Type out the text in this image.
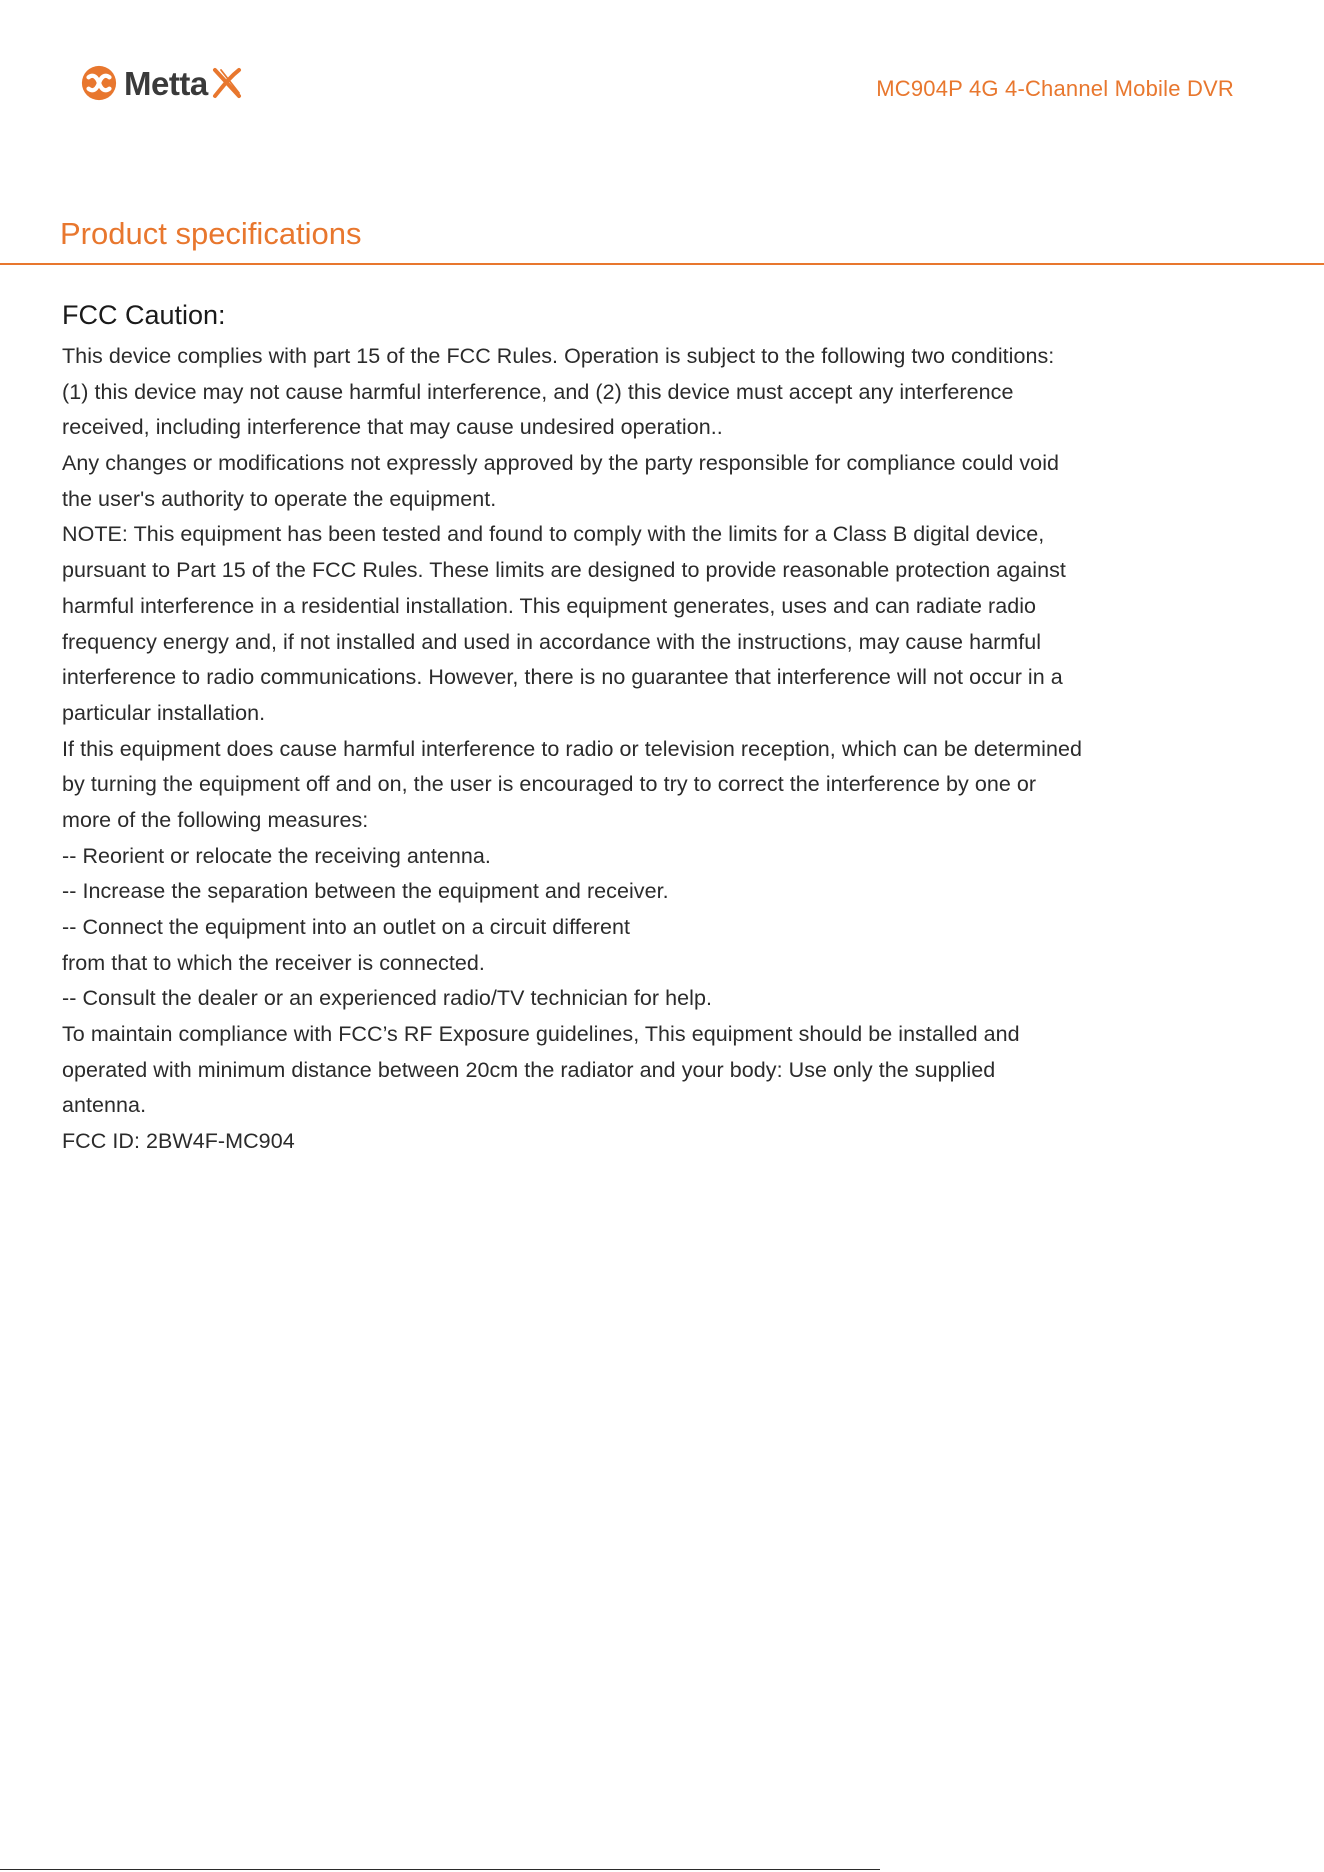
Metta	MC904P 4G 4-Channel Mobile DVR
Product specifications
FCC Caution:
This device complies with part 15 of the FCC Rules. Operation is subject to the following two conditions:
(1) this device may not cause harmful interference, and (2) this device must accept any interference
received, including interference that may cause undesired operation..
Any changes or modifications not expressly approved by the party responsible for compliance could void
the user's authority to operate the equipment.
NOTE: This equipment has been tested and found to comply with the limits for a Class B digital device,
pursuant to Part 15 of the FCC Rules. These limits are designed to provide reasonable protection against
harmful interference in a residential installation. This equipment generates, uses and can radiate radio
frequency energy and, if not installed and used in accordance with the instructions, may cause harmful
interference to radio communications. However, there is no guarantee that interference will not occur in a
particular installation.
If this equipment does cause harmful interference to radio or television reception, which can be determined
by turning the equipment off and on, the user is encouraged to try to correct the interference by one or
more of the following measures:
-- Reorient or relocate the receiving antenna.
-- Increase the separation between the equipment and receiver.
-- Connect the equipment into an outlet on a circuit different
from that to which the receiver is connected.
-- Consult the dealer or an experienced radio/TV technician for help.
To maintain compliance with FCC’s RF Exposure guidelines, This equipment should be installed and
operated with minimum distance between 20cm the radiator and your body: Use only the supplied
antenna.
FCC ID: 2BW4F-MC904
